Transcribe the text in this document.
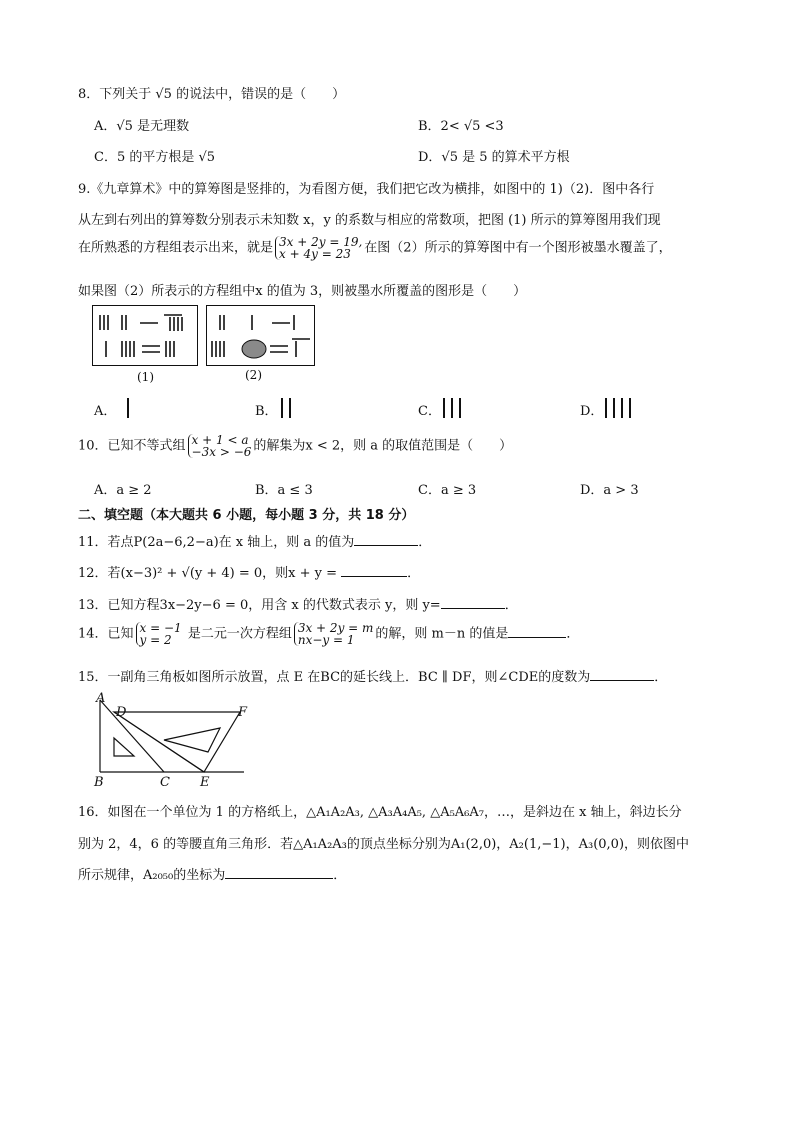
8．下列关于 √5 的说法中，错误的是（　　）
A．√5 是无理数	B．2< √5 <3
C．5 的平方根是 √5	D．√5 是 5 的算术平方根
9.《九章算术》中的算筹图是竖排的，为看图方便，我们把它改为横排，如图中的 1)（2)．图中各行
从左到右列出的算筹数分别表示未知数 x，y 的系数与相应的常数项，把图 (1) 所示的算筹图用我们现
在所熟悉的方程组表示出来，就是 3x + 2y = 19,
x + 4y = 23 在图（2）所示的算筹图中有一个图形被墨水覆盖了，
如果图（2）所表示的方程组中x 的值为 3，则被墨水所覆盖的图形是（　　）
(1)	(2)
A．	B．	C．	D．
10．已知不等式组 x + 1 < a
−3x > −6 的解集为x < 2，则 a 的取值范围是（　　）
A．a ≥ 2	B．a ≤ 3	C．a ≥ 3	D．a > 3
二、填空题（本大题共 6 小题，每小题 3 分，共 18 分）
11．若点P(2a−6,2−a)在 x 轴上，则 a 的值为	．
12．若(x−3)² + √(y + 4) = 0，则x + y =	．
13．已知方程3x−2y−6 = 0，用含 x 的代数式表示 y，则 y=	．
14．已知 x = −1
y = 2 是二元一次方程组 3x + 2y = m
nx−y = 1 的解，则 m－n 的值是	．
15．一副角三角板如图所示放置，点 E 在BC的延长线上．BC ∥ DF，则∠CDE的度数为	．
A
D	F
B	C E
16．如图在一个单位为 1 的方格纸上，△A₁A₂A₃, △A₃A₄A₅, △A₅A₆A₇，…，是斜边在 x 轴上，斜边长分
别为 2，4，6 的等腰直角三角形．若△A₁A₂A₃的顶点坐标分别为A₁(2,0)，A₂(1,−1)，A₃(0,0)，则依图中
所示规律，A₂₀₅₀的坐标为	．
